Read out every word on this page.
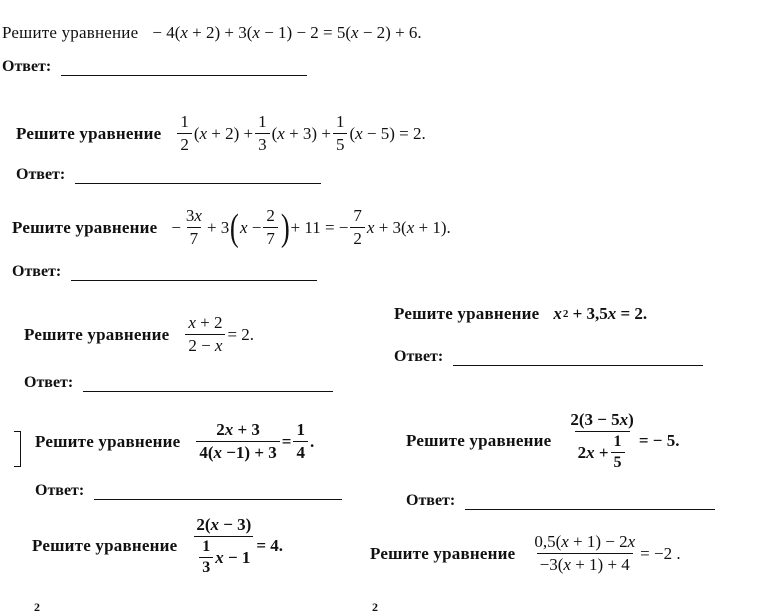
Решите уравнение − 4( x + 2) + 3( x − 1) − 2 = 5( x − 2) + 6.
Ответ:
Решите уравнение $\frac{1}{2}$ ( $x + 2) + \frac{1}{3}$ ( $x + 3) + \frac{1}{5}$ ( x − 5) = 2.
Ответ:
Решите уравнение − $\frac{3x}{7} + 3$ ( $x - \frac{2}{7}$ ) + 11 = − $\frac{7}{2}$ x + 3( x + 1).
Ответ:
Решите уравнение $\frac{x + 2}{2 - x} = 2$.
Ответ:
Решите уравнение x 2 + 3,5 x = 2.
Ответ:
Решите уравнение $\frac{2x + 3}{4(x -1) + 3} = \frac{1}{4}$ .
Ответ:
Решите уравнение $\frac{2(3 - 5x)}{2 x + \frac{1}{5}}$ = − 5.
Ответ:
Решите уравнение $\frac{2(x - 3)}{\frac{1}{3} x - 1} = 4$.	Решите уравнение $\frac{0,5(x + 1) - 2x}{-3(x + 1) + 4} = -2$ .
2	2
